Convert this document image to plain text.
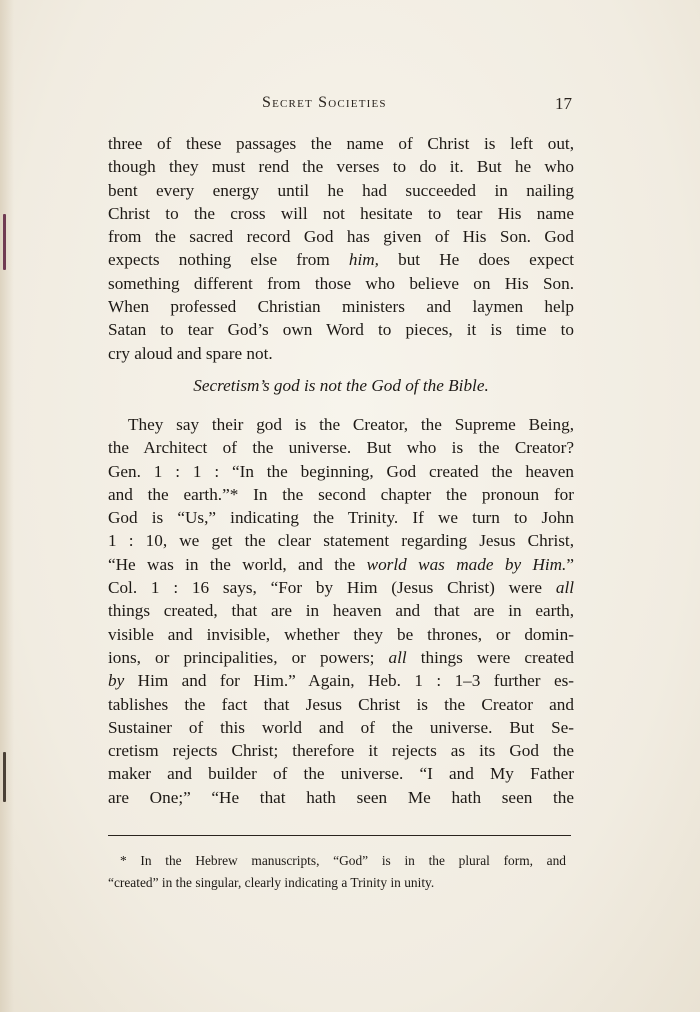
Secret Societies	17
three of these passages the name of Christ is left out,
though they must rend the verses to do it. But he who
bent every energy until he had succeeded in nailing
Christ to the cross will not hesitate to tear His name
from the sacred record God has given of His Son. God
expects nothing else from him, but He does expect
something different from those who believe on His Son.
When professed Christian ministers and laymen help
Satan to tear God’s own Word to pieces, it is time to
cry aloud and spare not.
Secretism’s god is not the God of the Bible.
They say their god is the Creator, the Supreme Being,
the Architect of the universe. But who is the Creator?
Gen. 1 : 1 : “In the beginning, God created the heaven
and the earth.”* In the second chapter the pronoun for
God is “Us,” indicating the Trinity. If we turn to John
1 : 10, we get the clear statement regarding Jesus Christ,
“He was in the world, and the world was made by Him.”
Col. 1 : 16 says, “For by Him (Jesus Christ) were all
things created, that are in heaven and that are in earth,
visible and invisible, whether they be thrones, or domin-
ions, or principalities, or powers; all things were created
by Him and for Him.” Again, Heb. 1 : 1–3 further es-
tablishes the fact that Jesus Christ is the Creator and
Sustainer of this world and of the universe. But Se-
cretism rejects Christ; therefore it rejects as its God the
maker and builder of the universe. “I and My Father
are One;” “He that hath seen Me hath seen the
* In the Hebrew manuscripts, “God” is in the plural form, and
“created” in the singular, clearly indicating a Trinity in unity.
